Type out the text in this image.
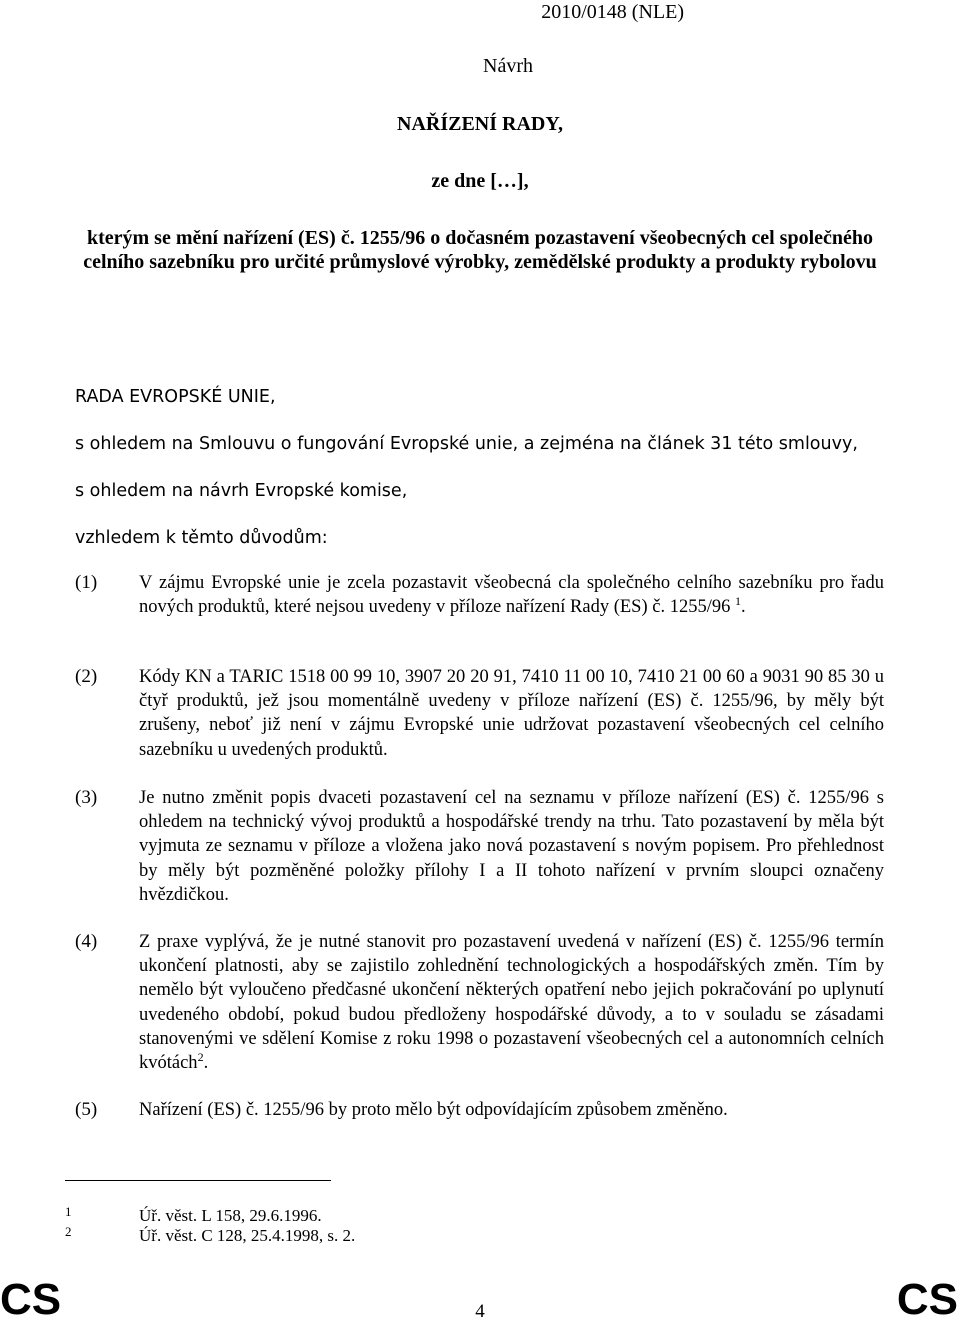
2010/0148 (NLE)
Návrh
NAŘÍZENÍ RADY,
ze dne […],
kterým se mění nařízení (ES) č. 1255/96 o dočasném pozastavení všeobecných cel společného celního sazebníku pro určité průmyslové výrobky, zemědělské produkty a produkty rybolovu
RADA EVROPSKÉ UNIE,
s ohledem na Smlouvu o fungování Evropské unie, a zejména na článek 31 této smlouvy,
s ohledem na návrh Evropské komise,
vzhledem k těmto důvodům:
(1) V zájmu Evropské unie je zcela pozastavit všeobecná cla společného celního sazebníku pro řadu nových produktů, které nejsou uvedeny v příloze nařízení Rady (ES) č. 1255/96 $^1$.
(2) Kódy KN a TARIC 1518 00 99 10, 3907 20 20 91, 7410 11 00 10, 7410 21 00 60 a 9031 90 85 30 u čtyř produktů, jež jsou momentálně uvedeny v příloze nařízení (ES) č. 1255/96, by měly být zrušeny, neboť již není v zájmu Evropské unie udržovat pozastavení všeobecných cel celního sazebníku u uvedených produktů.
(3) Je nutno změnit popis dvaceti pozastavení cel na seznamu v příloze nařízení (ES) č. 1255/96 s ohledem na technický vývoj produktů a hospodářské trendy na trhu. Tato pozastavení by měla být vyjmuta ze seznamu v příloze a vložena jako nová pozastavení s novým popisem. Pro přehlednost by měly být pozměněné položky přílohy I a II tohoto nařízení v prvním sloupci označeny hvězdičkou.
(4) Z praxe vyplývá, že je nutné stanovit pro pozastavení uvedená v nařízení (ES) č. 1255/96 termín ukončení platnosti, aby se zajistilo zohlednění technologických a hospodářských změn. Tím by nemělo být vyloučeno předčasné ukončení některých opatření nebo jejich pokračování po uplynutí uvedeného období, pokud budou předloženy hospodářské důvody, a to v souladu se zásadami stanovenými ve sdělení Komise z roku 1998 o pozastavení všeobecných cel a autonomních celních kvótách$^2$.
(5) Nařízení (ES) č. 1255/96 by proto mělo být odpovídajícím způsobem změněno.
1	Úř. věst. L 158, 29.6.1996.
2	Úř. věst. C 128, 25.4.1998, s. 2.
CS	4	CS
